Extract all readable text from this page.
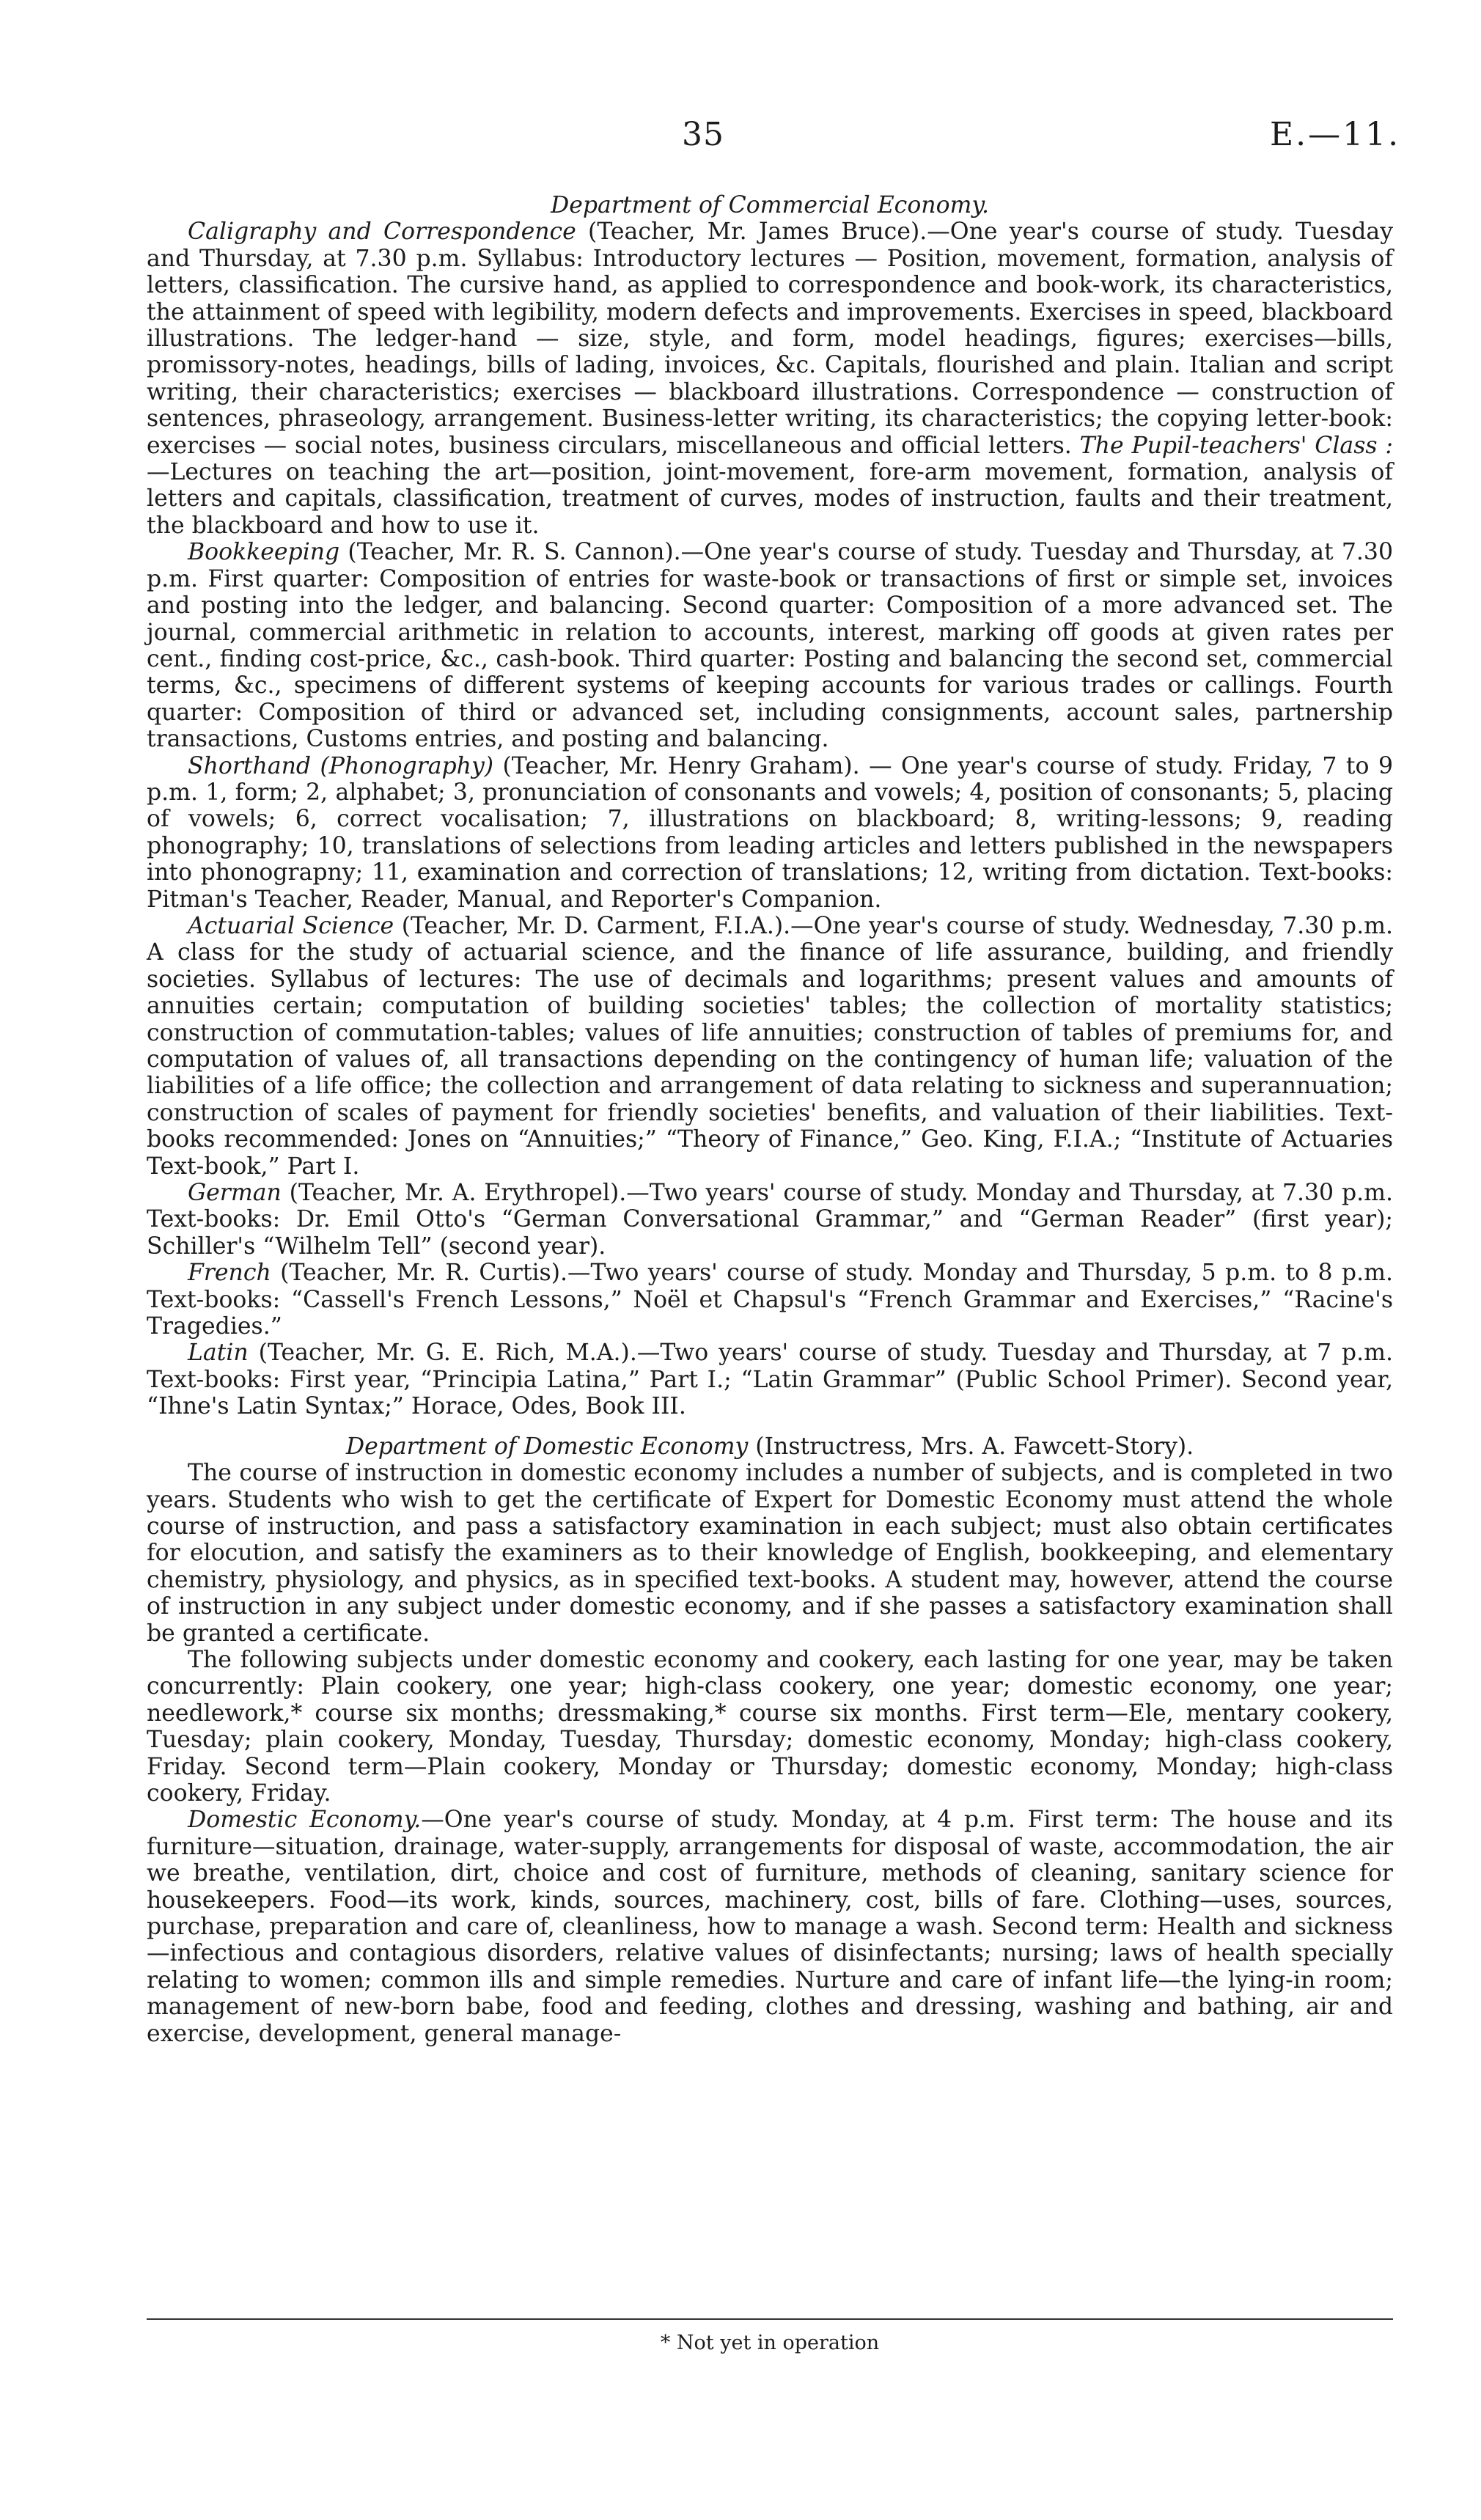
35	E.—11.

Department of Commercial Economy.

Caligraphy and Correspondence (Teacher, Mr. James Bruce).—One year's course of study. Tuesday and Thursday, at 7.30 p.m. Syllabus: Introductory lectures — Position, movement, formation, analysis of letters, classification. The cursive hand, as applied to correspondence and book-work, its characteristics, the attainment of speed with legibility, modern defects and improvements. Exercises in speed, blackboard illustrations. The ledger-hand — size, style, and form, model headings, figures; exercises—bills, promissory-notes, headings, bills of lading, invoices, &c. Capitals, flourished and plain. Italian and script writing, their characteristics; exercises — blackboard illustrations. Correspondence — construction of sentences, phraseology, arrangement. Business-letter writing, its characteristics; the copying letter-book: exercises — social notes, business circulars, miscellaneous and official letters. The Pupil-teachers' Class :—Lectures on teaching the art—position, joint-movement, fore-arm movement, formation, analysis of letters and capitals, classification, treatment of curves, modes of instruction, faults and their treatment, the blackboard and how to use it.

Bookkeeping (Teacher, Mr. R. S. Cannon).—One year's course of study. Tuesday and Thursday, at 7.30 p.m. First quarter: Composition of entries for waste-book or transactions of first or simple set, invoices and posting into the ledger, and balancing. Second quarter: Composition of a more advanced set. The journal, commercial arithmetic in relation to accounts, interest, marking off goods at given rates per cent., finding cost-price, &c., cash-book. Third quarter: Posting and balancing the second set, commercial terms, &c., specimens of different systems of keeping accounts for various trades or callings. Fourth quarter: Composition of third or advanced set, including consignments, account sales, partnership transactions, Customs entries, and posting and balancing.

Shorthand (Phonography) (Teacher, Mr. Henry Graham). — One year's course of study. Friday, 7 to 9 p.m. 1, form; 2, alphabet; 3, pronunciation of consonants and vowels; 4, position of consonants; 5, placing of vowels; 6, correct vocalisation; 7, illustrations on blackboard; 8, writing-lessons; 9, reading phonography; 10, translations of selections from leading articles and letters published in the newspapers into phonograpny; 11, examination and correction of translations; 12, writing from dictation. Text-books: Pitman's Teacher, Reader, Manual, and Reporter's Companion.

Actuarial Science (Teacher, Mr. D. Carment, F.I.A.).—One year's course of study. Wednesday, 7.30 p.m. A class for the study of actuarial science, and the finance of life assurance, building, and friendly societies. Syllabus of lectures: The use of decimals and logarithms; present values and amounts of annuities certain; computation of building societies' tables; the collection of mortality statistics; construction of commutation-tables; values of life annuities; construction of tables of premiums for, and computation of values of, all transactions depending on the contingency of human life; valuation of the liabilities of a life office; the collection and arrangement of data relating to sickness and superannuation; construction of scales of payment for friendly societies' benefits, and valuation of their liabilities. Text-books recommended: Jones on “Annuities;” “Theory of Finance,” Geo. King, F.I.A.; “Institute of Actuaries Text-book,” Part I.

German (Teacher, Mr. A. Erythropel).—Two years' course of study. Monday and Thursday, at 7.30 p.m. Text-books: Dr. Emil Otto's “German Conversational Grammar,” and “German Reader” (first year); Schiller's “Wilhelm Tell” (second year).

French (Teacher, Mr. R. Curtis).—Two years' course of study. Monday and Thursday, 5 p.m. to 8 p.m. Text-books: “Cassell's French Lessons,” Noël et Chapsul's “French Grammar and Exercises,” “Racine's Tragedies.”

Latin (Teacher, Mr. G. E. Rich, M.A.).—Two years' course of study. Tuesday and Thursday, at 7 p.m. Text-books: First year, “Principia Latina,” Part I.; “Latin Grammar” (Public School Primer). Second year, “Ihne's Latin Syntax;” Horace, Odes, Book III.

Department of Domestic Economy (Instructress, Mrs. A. Fawcett-Story).

The course of instruction in domestic economy includes a number of subjects, and is completed in two years. Students who wish to get the certificate of Expert for Domestic Economy must attend the whole course of instruction, and pass a satisfactory examination in each subject; must also obtain certificates for elocution, and satisfy the examiners as to their knowledge of English, bookkeeping, and elementary chemistry, physiology, and physics, as in specified text-books. A student may, however, attend the course of instruction in any subject under domestic economy, and if she passes a satisfactory examination shall be granted a certificate.

The following subjects under domestic economy and cookery, each lasting for one year, may be taken concurrently: Plain cookery, one year; high-class cookery, one year; domestic economy, one year; needlework,* course six months; dressmaking,* course six months. First term—Ele, mentary cookery, Tuesday; plain cookery, Monday, Tuesday, Thursday; domestic economy, Monday; high-class cookery, Friday. Second term—Plain cookery, Monday or Thursday; domestic economy, Monday; high-class cookery, Friday.

Domestic Economy.—One year's course of study. Monday, at 4 p.m. First term: The house and its furniture—situation, drainage, water-supply, arrangements for disposal of waste, accommodation, the air we breathe, ventilation, dirt, choice and cost of furniture, methods of cleaning, sanitary science for housekeepers. Food—its work, kinds, sources, machinery, cost, bills of fare. Clothing—uses, sources, purchase, preparation and care of, cleanliness, how to manage a wash. Second term: Health and sickness—infectious and contagious disorders, relative values of disinfectants; nursing; laws of health specially relating to women; common ills and simple remedies. Nurture and care of infant life—the lying-in room; management of new-born babe, food and feeding, clothes and dressing, washing and bathing, air and exercise, development, general manage-

* Not yet in operation
